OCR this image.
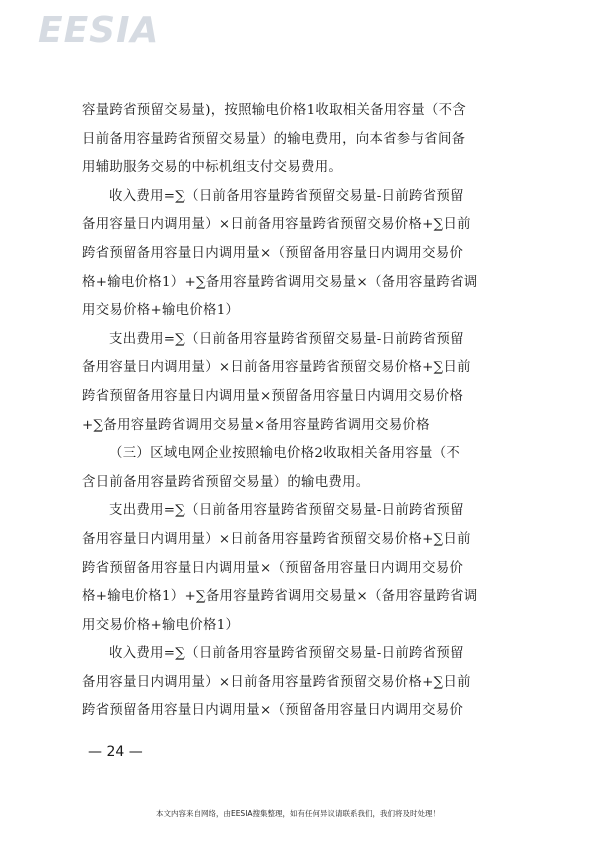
EESIA
容量跨省预留交易量)，按照输电价格1收取相关备用容量（不含
日前备用容量跨省预留交易量）的输电费用，向本省参与省间备
用辅助服务交易的中标机组支付交易费用。
收入费用=∑（日前备用容量跨省预留交易量-日前跨省预留
备用容量日内调用量）×日前备用容量跨省预留交易价格+∑日前
跨省预留备用容量日内调用量×（预留备用容量日内调用交易价
格+输电价格1）+∑备用容量跨省调用交易量×（备用容量跨省调
用交易价格+输电价格1）
支出费用=∑（日前备用容量跨省预留交易量-日前跨省预留
备用容量日内调用量）×日前备用容量跨省预留交易价格+∑日前
跨省预留备用容量日内调用量×预留备用容量日内调用交易价格
+∑备用容量跨省调用交易量×备用容量跨省调用交易价格
（三）区域电网企业按照输电价格2收取相关备用容量（不
含日前备用容量跨省预留交易量）的输电费用。
支出费用=∑（日前备用容量跨省预留交易量-日前跨省预留
备用容量日内调用量）×日前备用容量跨省预留交易价格+∑日前
跨省预留备用容量日内调用量×（预留备用容量日内调用交易价
格+输电价格1）+∑备用容量跨省调用交易量×（备用容量跨省调
用交易价格+输电价格1）
收入费用=∑（日前备用容量跨省预留交易量-日前跨省预留
备用容量日内调用量）×日前备用容量跨省预留交易价格+∑日前
跨省预留备用容量日内调用量×（预留备用容量日内调用交易价
— 24 —
本文内容来自网络，由EESIA搜集整理，如有任何异议请联系我们，我们将及时处理！
